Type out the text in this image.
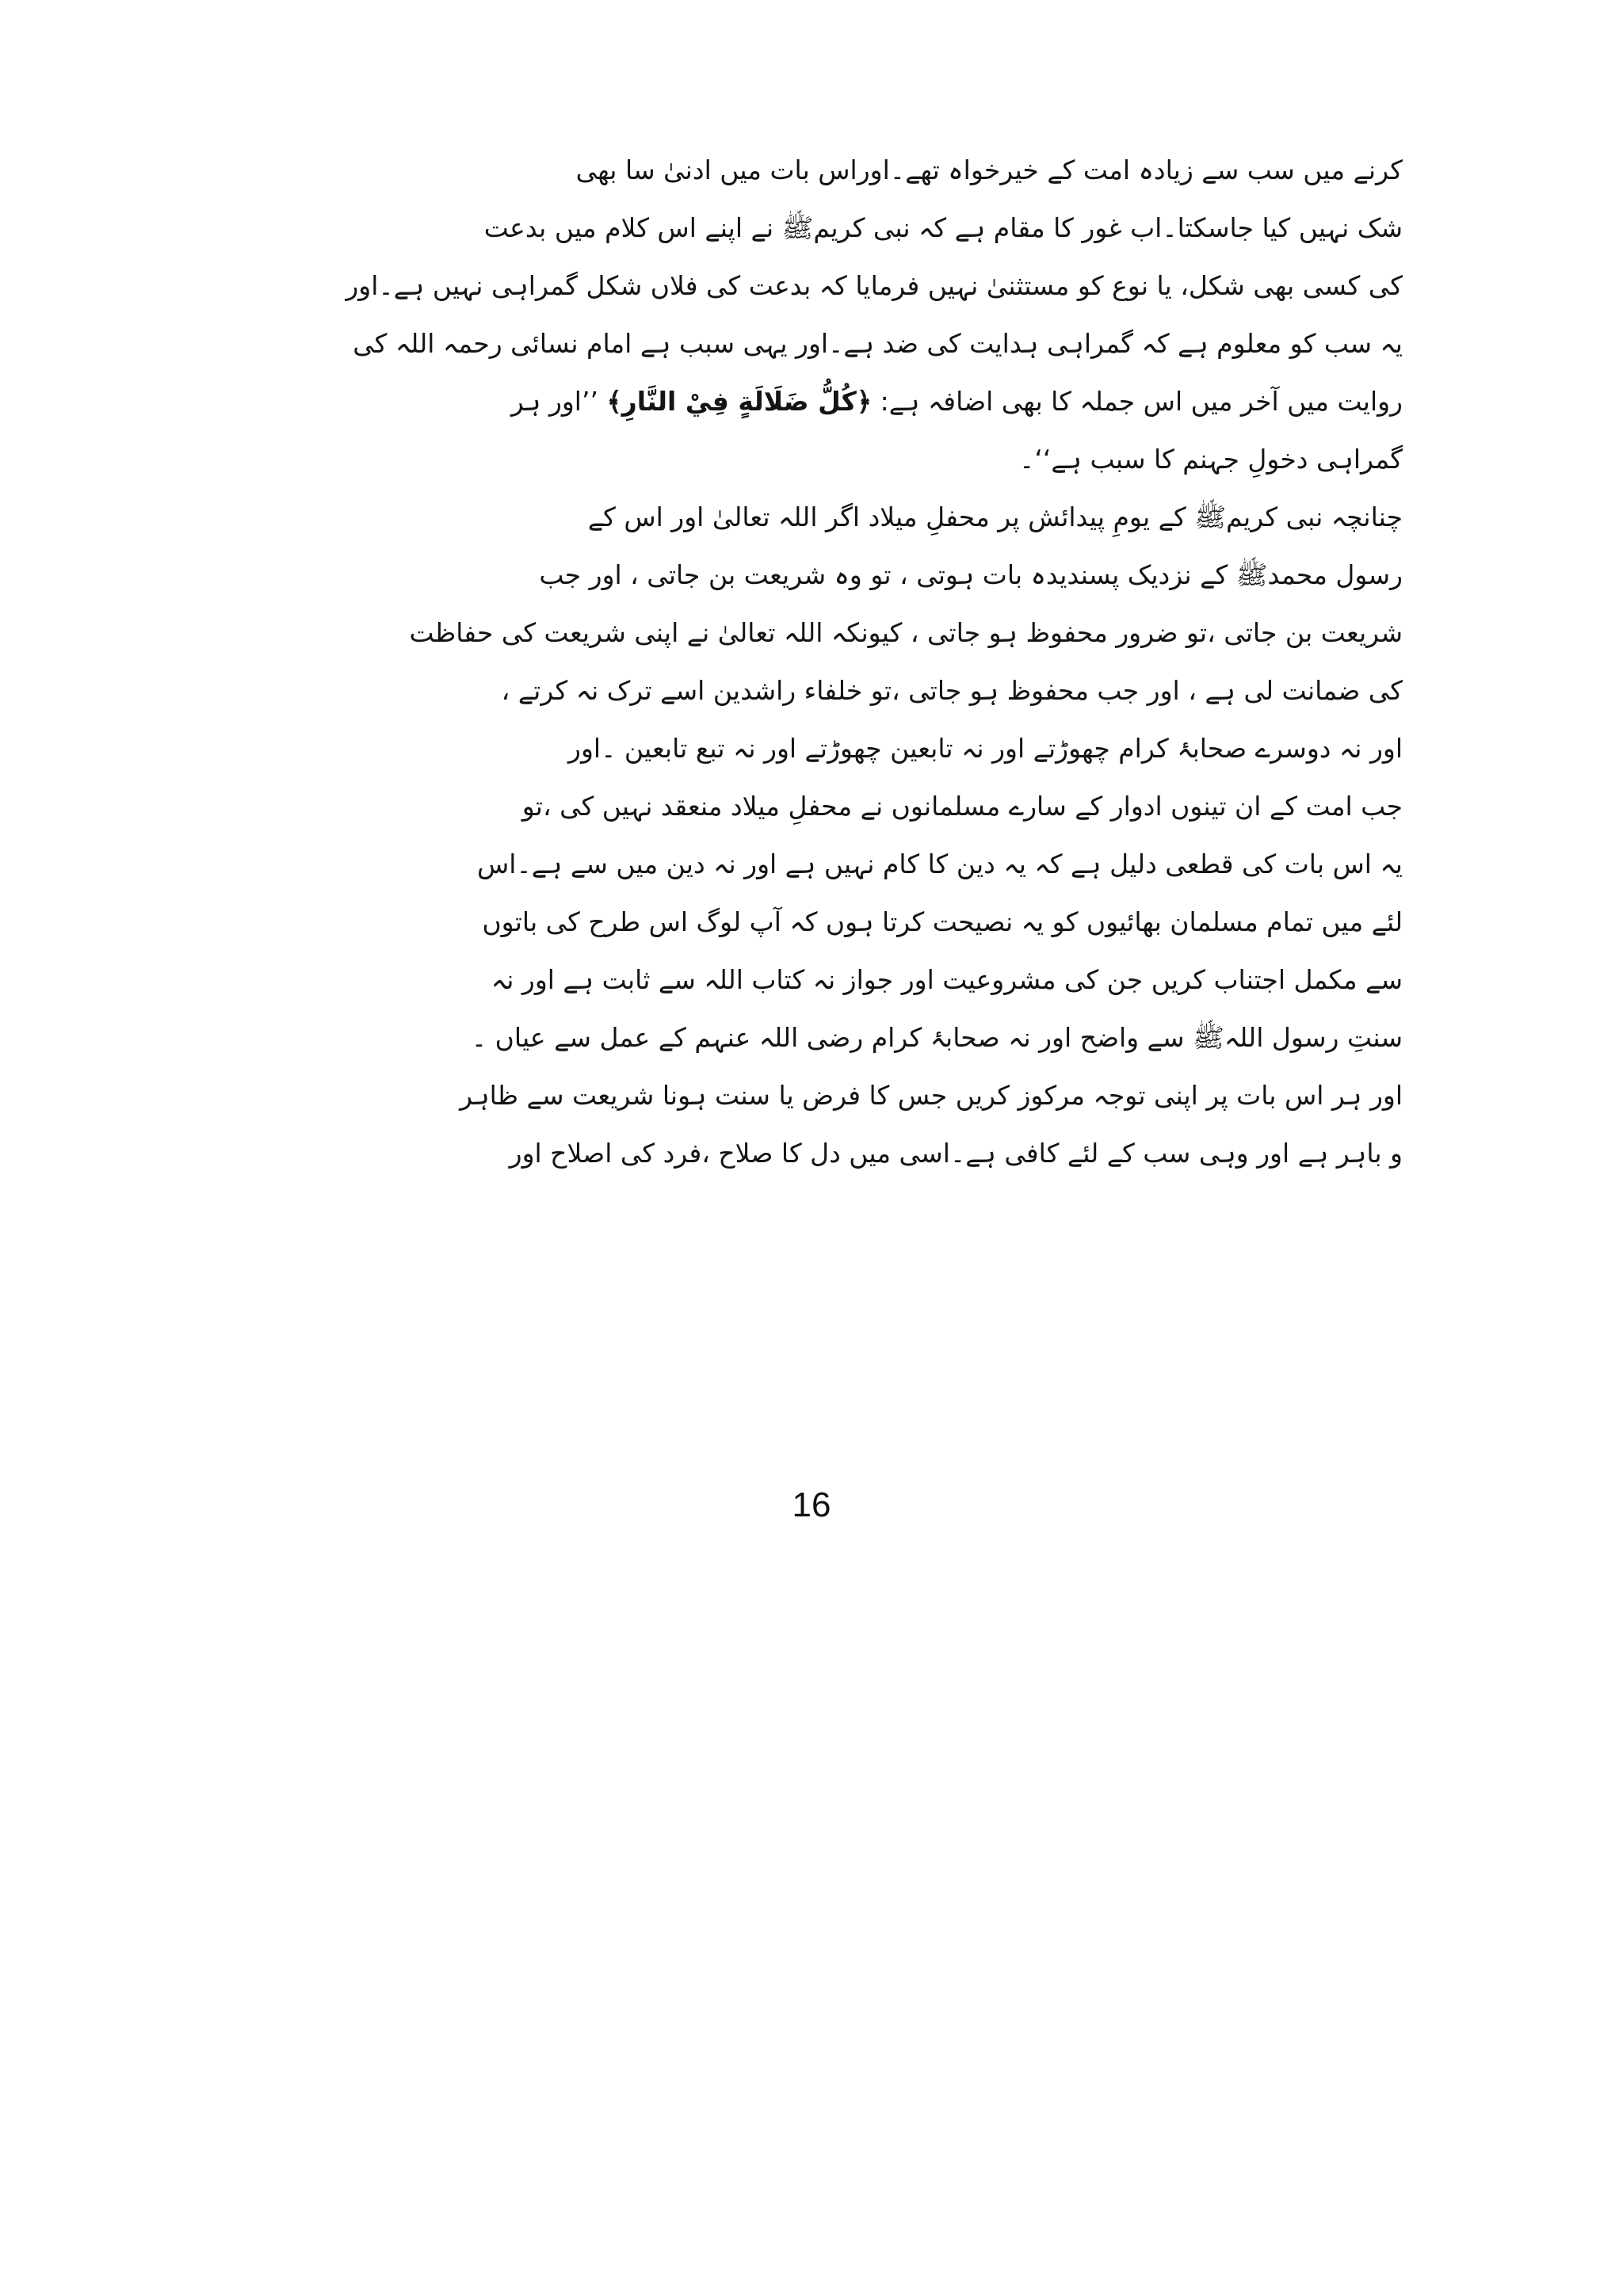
کرنے میں سب سے زیادہ امت کے خیرخواہ تھے۔اوراس بات میں ادنیٰ سا بھی
شک نہیں کیا جاسکتا۔اب غور کا مقام ہے کہ نبی کریمﷺ نے اپنے اس کلام میں بدعت
کی کسی بھی شکل، یا نوع کو مستثنیٰ نہیں فرمایا کہ بدعت کی فلاں شکل گمراہی نہیں ہے۔اور
یہ سب کو معلوم ہے کہ گمراہی ہدایت کی ضد ہے۔اور یہی سبب ہے امام نسائی رحمہ اللہ کی
روایت میں آخر میں اس جملہ کا بھی اضافہ ہے: ﴿كُلُّ ضَلَالَةٍ فِيْ النَّارِ﴾ ’’اور ہر
گمراہی دخولِ جہنم کا سبب ہے‘‘۔
چنانچہ نبی کریمﷺ کے یومِ پیدائش پر محفلِ میلاد اگر اللہ تعالیٰ اور اس کے
رسول محمدﷺ کے نزدیک پسندیدہ بات ہوتی ، تو وہ شریعت بن جاتی ، اور جب
شریعت بن جاتی ،تو ضرور محفوظ ہو جاتی ، کیونکہ اللہ تعالیٰ نے اپنی شریعت کی حفاظت
کی ضمانت لی ہے ، اور جب محفوظ ہو جاتی ،تو خلفاء راشدین اسے ترک نہ کرتے ،
اور نہ دوسرے صحابۂ کرام چھوڑتے اور نہ تابعین چھوڑتے اور نہ تبع تابعین ۔اور
جب امت کے ان تینوں ادوار کے سارے مسلمانوں نے محفلِ میلاد منعقد نہیں کی ،تو
یہ اس بات کی قطعی دلیل ہے کہ یہ دین کا کام نہیں ہے اور نہ دین میں سے ہے۔اس
لئے میں تمام مسلمان بھائیوں کو یہ نصیحت کرتا ہوں کہ آپ لوگ اس طرح کی باتوں
سے مکمل اجتناب کریں جن کی مشروعیت اور جواز نہ کتاب اللہ سے ثابت ہے اور نہ
سنتِ رسول اللہﷺ سے واضح اور نہ صحابۂ کرام رضی اللہ عنہم کے عمل سے عیاں ۔
اور ہر اس بات پر اپنی توجہ مرکوز کریں جس کا فرض یا سنت ہونا شریعت سے ظاہر
و باہر ہے اور وہی سب کے لئے کافی ہے۔اسی میں دل کا صلاح ،فرد کی اصلاح اور
16
